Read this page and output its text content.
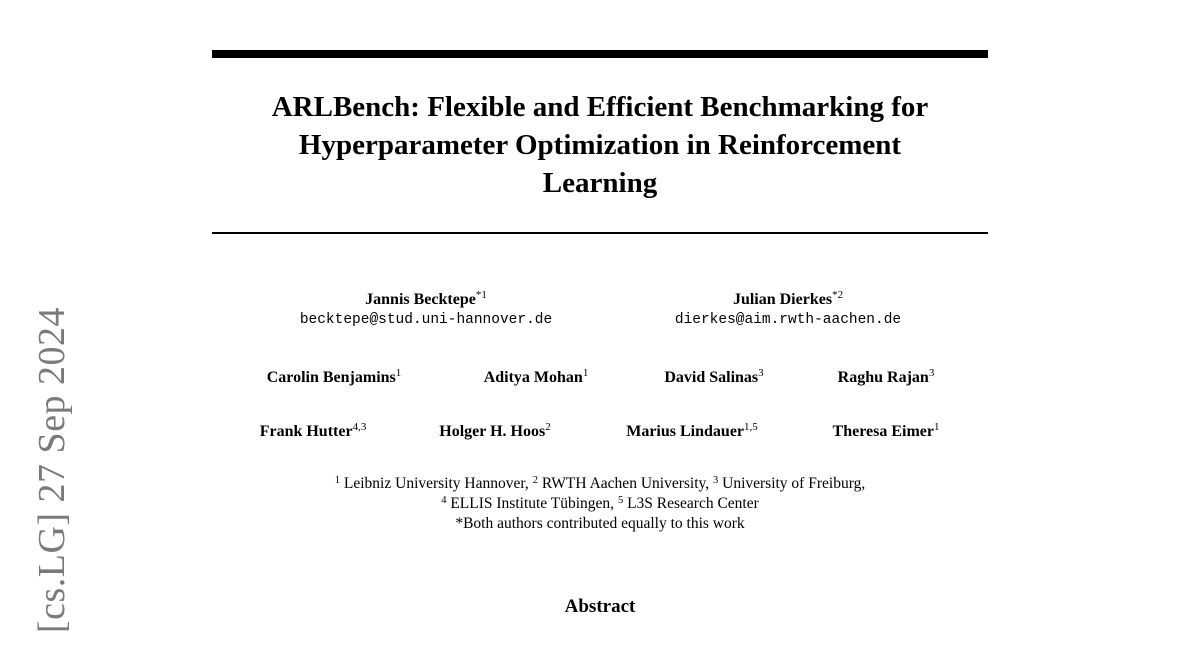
ARLBench: Flexible and Efficient Benchmarking for
Hyperparameter Optimization in Reinforcement
Learning
[cs.LG] 27 Sep 2024
Jannis Becktepe$^{*1}$
becktepe@stud.uni-hannover.de
Julian Dierkes$^{*2}$
dierkes@aim.rwth-aachen.de
Carolin Benjamins$^1$	Aditya Mohan$^1$	David Salinas$^3$	Raghu Rajan$^3$
Frank Hutter$^{4,3}$	Holger H. Hoos$^2$	Marius Lindauer$^{1,5}$	Theresa Eimer$^1$
$^1$ Leibniz University Hannover, $^2$ RWTH Aachen University, $^3$ University of Freiburg,
$^4$ ELLIS Institute Tübingen, $^5$ L3S Research Center
*Both authors contributed equally to this work
Abstract
